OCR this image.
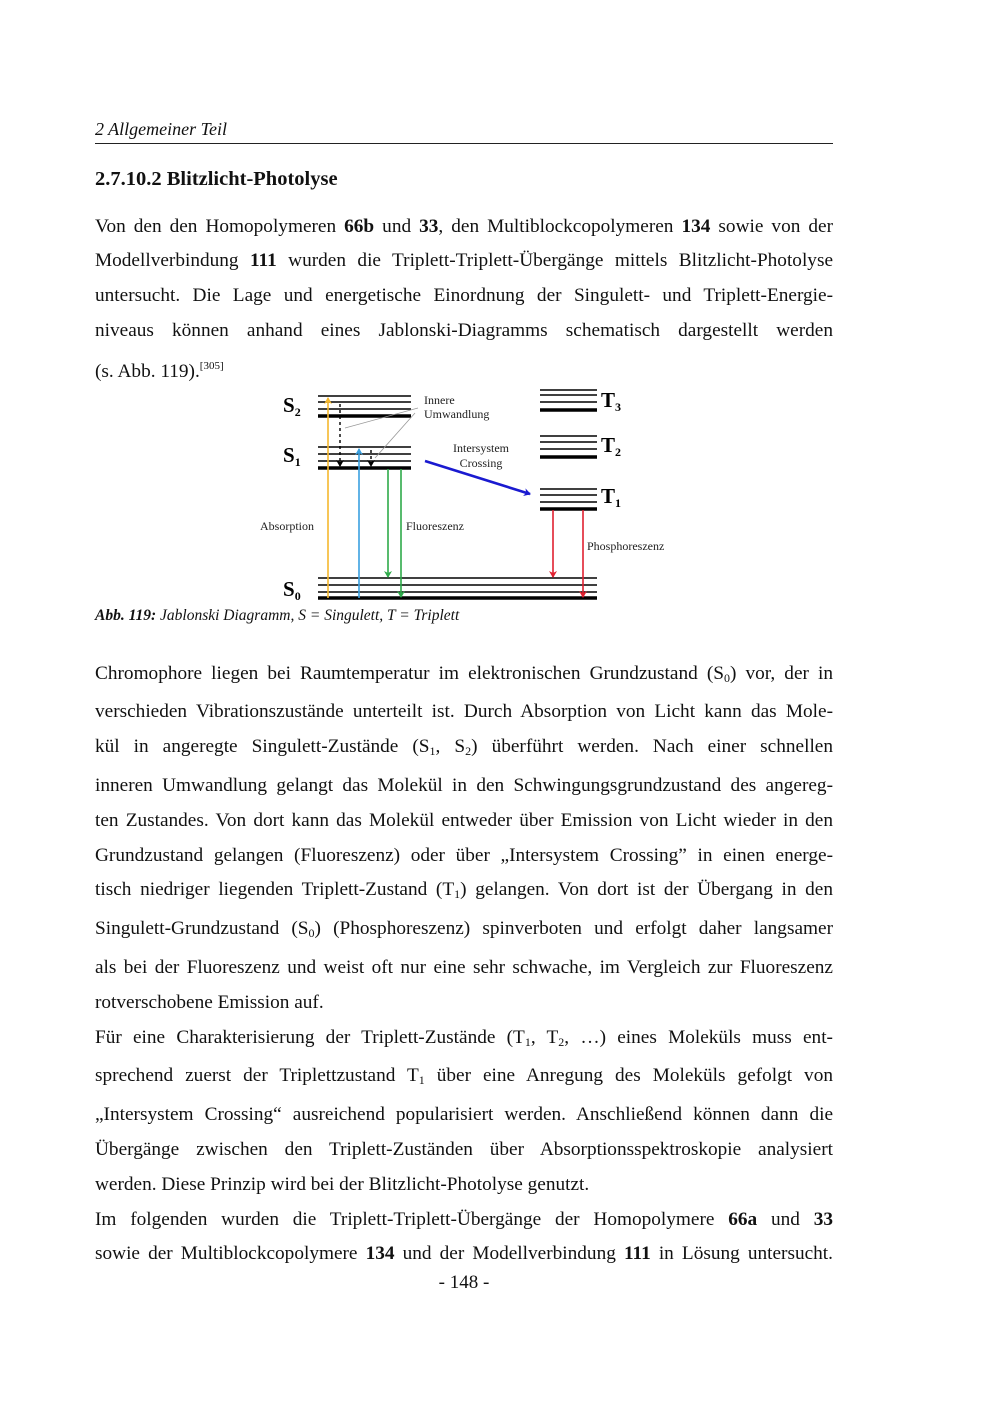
2 Allgemeiner Teil
2.7.10.2 Blitzlicht-Photolyse
Von den den Homopolymeren 66b und 33, den Multiblockcopolymeren 134 sowie von der
Modellverbindung 111 wurden die Triplett-Triplett-Übergänge mittels Blitzlicht-Photolyse
untersucht. Die Lage und energetische Einordnung der Singulett- und Triplett-Energie-
niveaus können anhand eines Jablonski-Diagramms schematisch dargestellt werden
(s. Abb. 119).[305]
S2
S1
S0
T3
T2
T1
Innere
Umwandlung
Intersystem
Crossing
Absorption	Fluoreszenz
Phosphoreszenz
Abb. 119: Jablonski Diagramm, S = Singulett, T = Triplett
Chromophore liegen bei Raumtemperatur im elektronischen Grundzustand $(S_0)$ vor, der in
verschieden Vibrationszustände unterteilt ist. Durch Absorption von Licht kann das Mole-
kül in angeregte Singulett-Zustände ($S_1$, $S_2$) überführt werden. Nach einer schnellen
inneren Umwandlung gelangt das Molekül in den Schwingungsgrundzustand des angereg-
ten Zustandes. Von dort kann das Molekül entweder über Emission von Licht wieder in den
Grundzustand gelangen (Fluoreszenz) oder über „Intersystem Crossing” in einen energe-
tisch niedriger liegenden Triplett-Zustand $(T_1)$ gelangen. Von dort ist der Übergang in den
Singulett-Grundzustand $(S_0)$ (Phosphoreszenz) spinverboten und erfolgt daher langsamer
als bei der Fluoreszenz und weist oft nur eine sehr schwache, im Vergleich zur Fluoreszenz
rotverschobene Emission auf.
Für eine Charakterisierung der Triplett-Zustände ($T_1$, $T_2$, …) eines Moleküls muss ent-
sprechend zuerst der Triplettzustand $T_1$ über eine Anregung des Moleküls gefolgt von
„Intersystem Crossing“ ausreichend popularisiert werden. Anschließend können dann die
Übergänge zwischen den Triplett-Zuständen über Absorptionsspektroskopie analysiert
werden. Diese Prinzip wird bei der Blitzlicht-Photolyse genutzt.
Im folgenden wurden die Triplett-Triplett-Übergänge der Homopolymere 66a und 33
sowie der Multiblockcopolymere 134 und der Modellverbindung 111 in Lösung untersucht.
- 148 -
